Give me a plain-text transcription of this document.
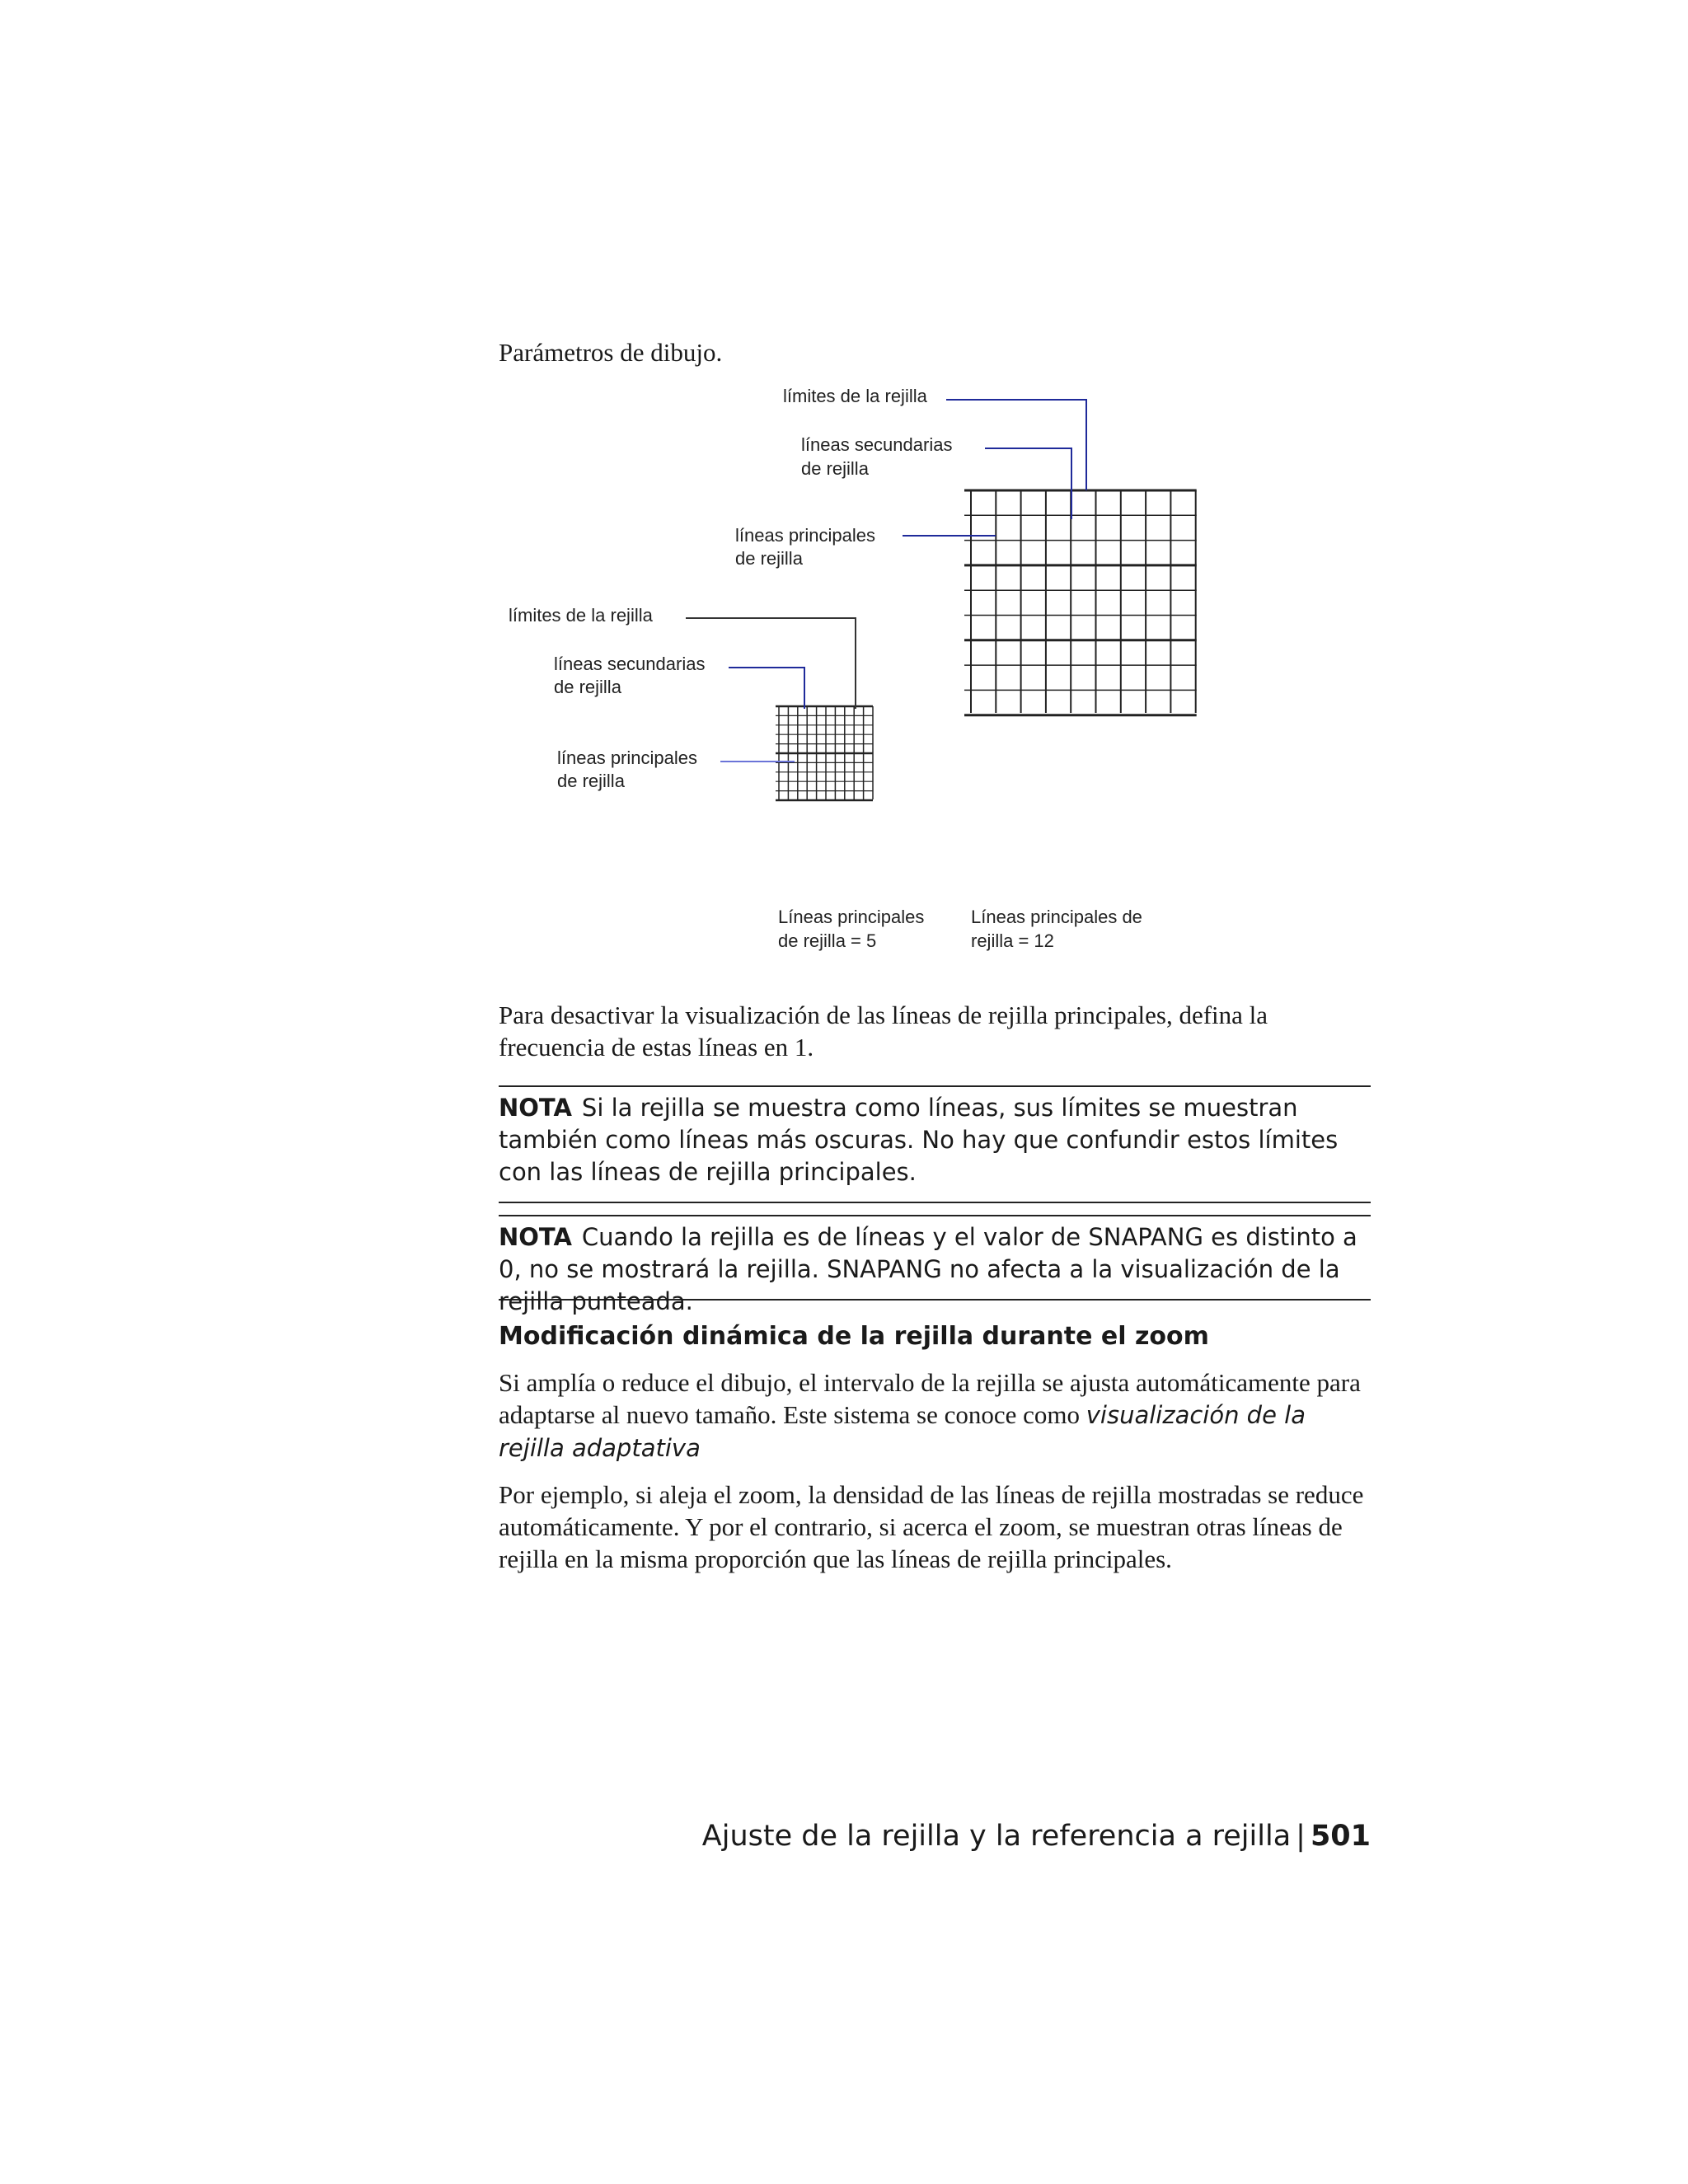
Parámetros de dibujo.

límites de la rejilla
líneas secundarias
de rejilla
líneas principales
de rejilla
límites de la rejilla
líneas secundarias
de rejilla
líneas principales
de rejilla
Líneas principales
de rejilla = 5
Líneas principales de
rejilla = 12

Para desactivar la visualización de las líneas de rejilla principales, defina la frecuencia de estas líneas en 1.

NOTA Si la rejilla se muestra como líneas, sus límites se muestran también como líneas más oscuras. No hay que confundir estos límites con las líneas de rejilla principales.
NOTA Cuando la rejilla es de líneas y el valor de SNAPANG es distinto a 0, no se mostrará la rejilla. SNAPANG no afecta a la visualización de la rejilla punteada.
Modificación dinámica de la rejilla durante el zoom

Si amplía o reduce el dibujo, el intervalo de la rejilla se ajusta automáticamente para adaptarse al nuevo tamaño. Este sistema se conoce como visualización de la rejilla adaptativa

Por ejemplo, si aleja el zoom, la densidad de las líneas de rejilla mostradas se reduce automáticamente. Y por el contrario, si acerca el zoom, se muestran otras líneas de rejilla en la misma proporción que las líneas de rejilla principales.

Ajuste de la rejilla y la referencia a rejilla | 501
